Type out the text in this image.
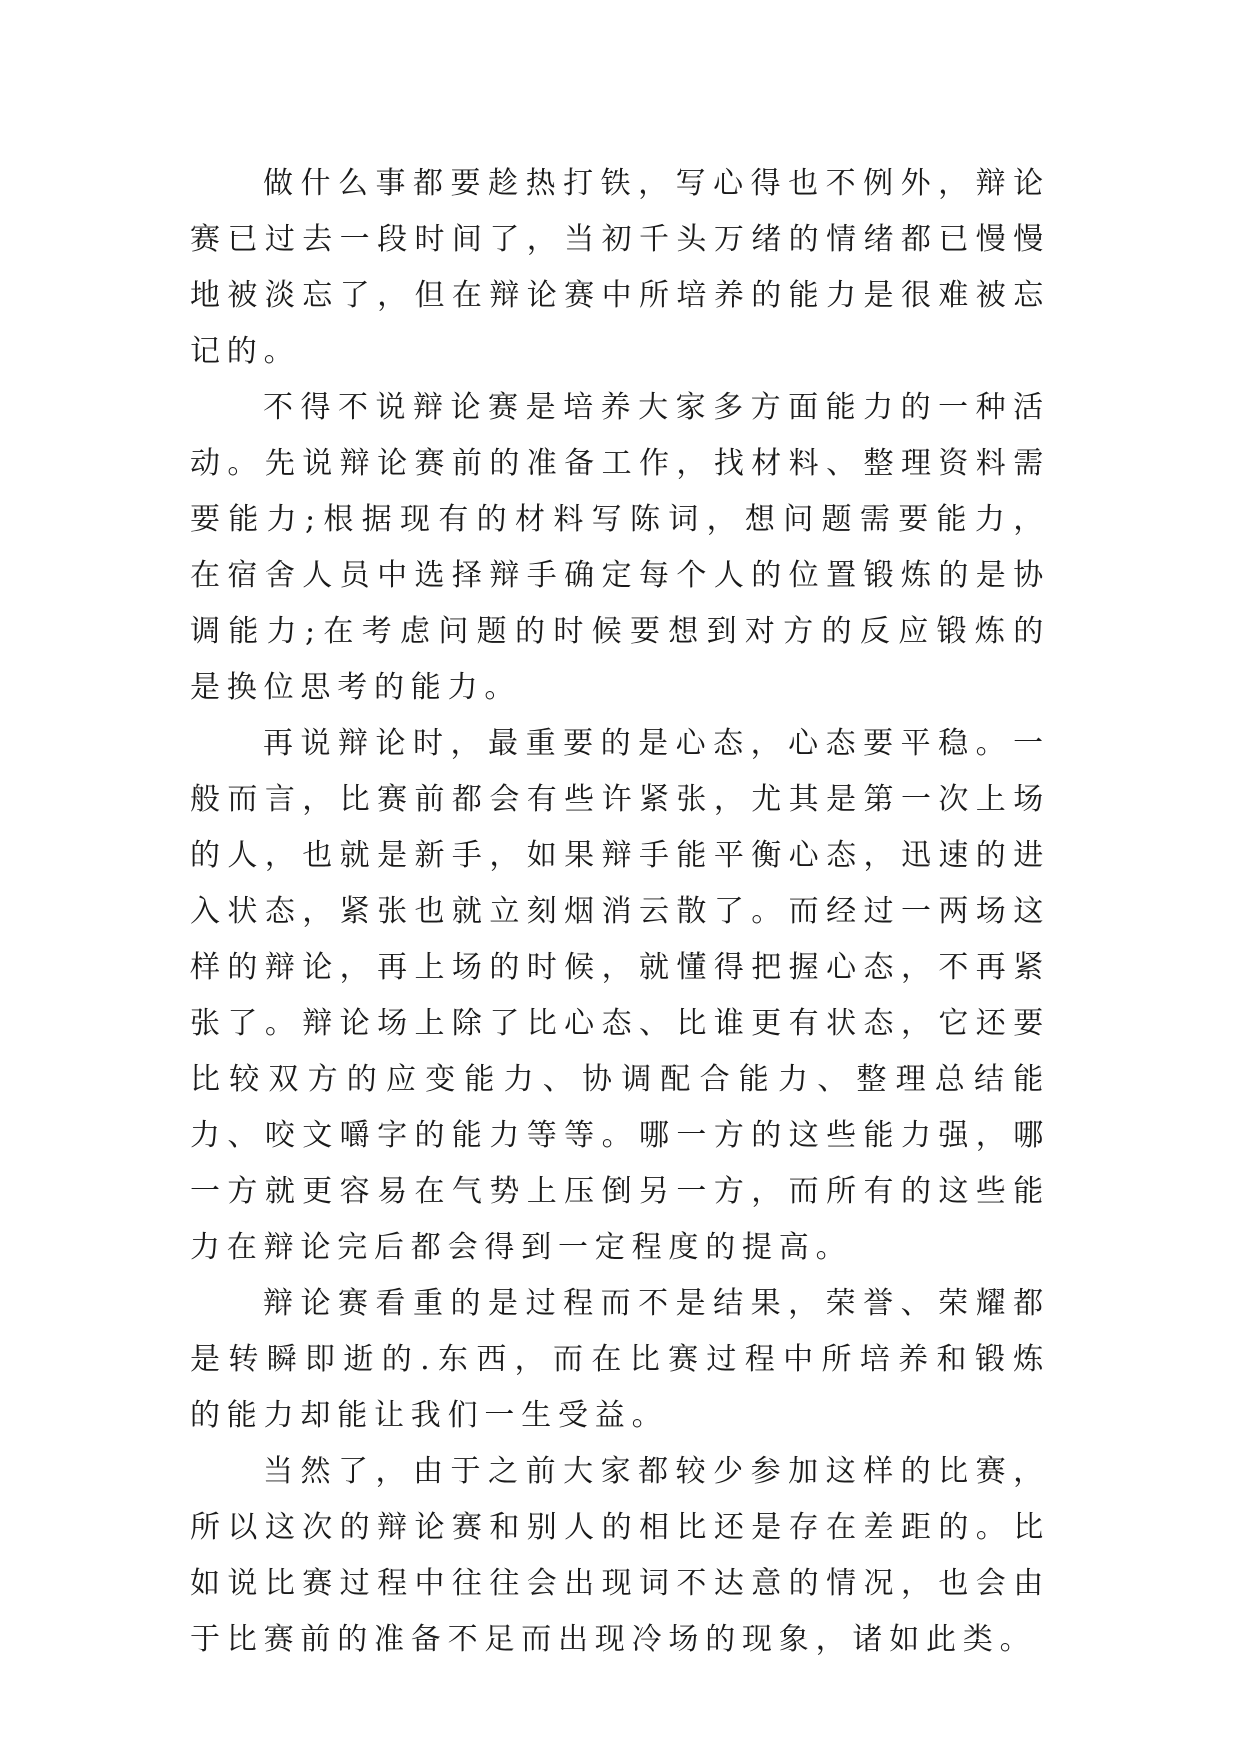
做什么事都要趁热打铁，写心得也不例外，辩论赛已过去一段时间了，当初千头万绪的情绪都已慢慢地被淡忘了，但在辩论赛中所培养的能力是很难被忘记的。

不得不说辩论赛是培养大家多方面能力的一种活动。先说辩论赛前的准备工作，找材料、整理资料需要能力;根据现有的材料写陈词，想问题需要能力，在宿舍人员中选择辩手确定每个人的位置锻炼的是协调能力;在考虑问题的时候要想到对方的反应锻炼的是换位思考的能力。

再说辩论时，最重要的是心态，心态要平稳。一般而言，比赛前都会有些许紧张，尤其是第一次上场的人，也就是新手，如果辩手能平衡心态，迅速的进入状态，紧张也就立刻烟消云散了。而经过一两场这样的辩论，再上场的时候，就懂得把握心态，不再紧张了。辩论场上除了比心态、比谁更有状态，它还要比较双方的应变能力、协调配合能力、整理总结能力、咬文嚼字的能力等等。哪一方的这些能力强，哪一方就更容易在气势上压倒另一方，而所有的这些能力在辩论完后都会得到一定程度的提高。

辩论赛看重的是过程而不是结果，荣誉、荣耀都是转瞬即逝的.东西，而在比赛过程中所培养和锻炼的能力却能让我们一生受益。

当然了，由于之前大家都较少参加这样的比赛，所以这次的辩论赛和别人的相比还是存在差距的。比如说比赛过程中往往会出现词不达意的情况，也会由于比赛前的准备不足而出现冷场的现象，诸如此类。
